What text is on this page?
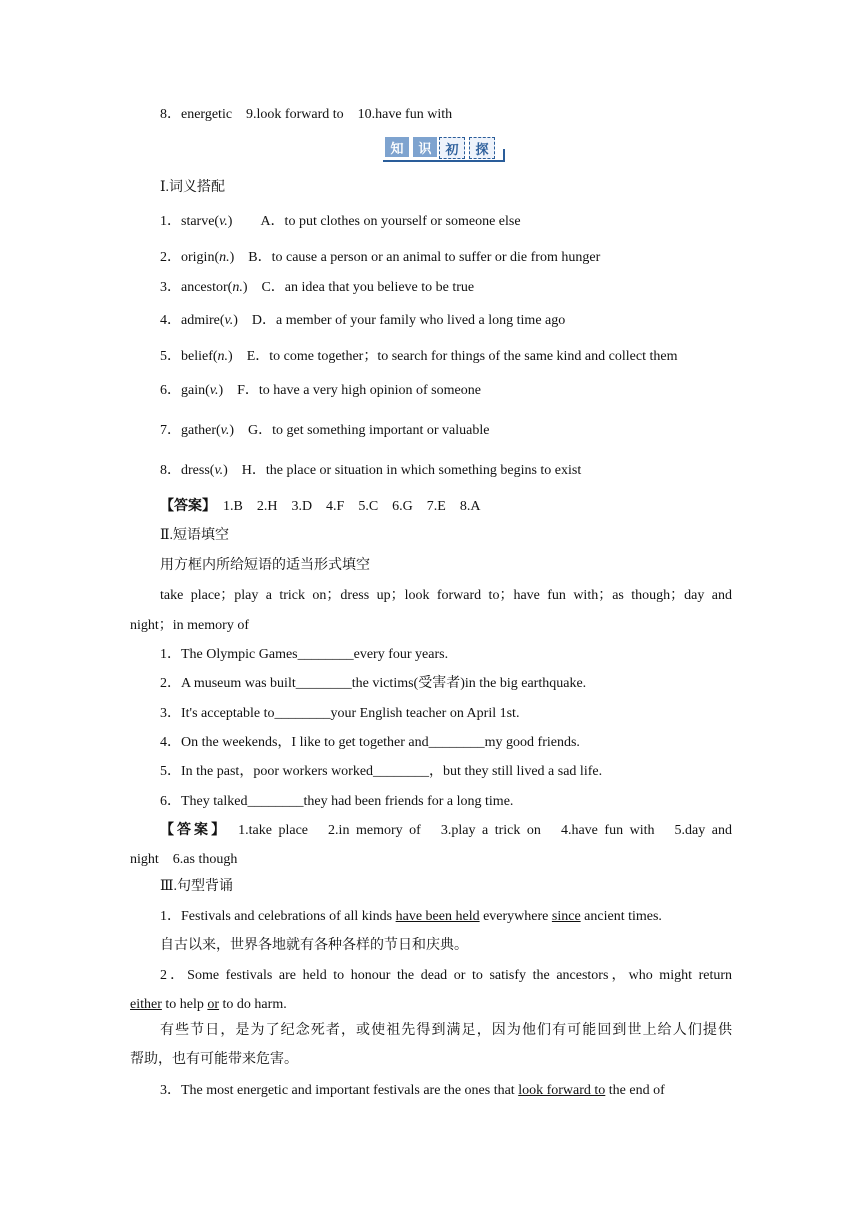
8．energetic　9.look forward to　10.have fun with
知	识	初	探
Ⅰ.词义搭配
1．starve(v.)　　A．to put clothes on yourself or someone else
2．origin(n.)　B．to cause a person or an animal to suffer or die from hunger
3．ancestor(n.)　C．an idea that you believe to be true
4．admire(v.)　D．a member of your family who lived a long time ago
5．belief(n.)　E．to come together；to search for things of the same kind and collect them
6．gain(v.)　F．to have a very high opinion of someone
7．gather(v.)　G．to get something important or valuable
8．dress(v.)　H．the place or situation in which something begins to exist
【答案】　1.B　2.H　3.D　4.F　5.C　6.G　7.E　8.A
Ⅱ.短语填空
用方框内所给短语的适当形式填空
take place；play a trick on；dress up；look forward to；have fun with；as though；day and
night；in memory of
1．The Olympic Games________every four years.
2．A museum was built________the victims(受害者)in the big earthquake.
3．It's acceptable to________your English teacher on April 1st.
4．On the weekends，I like to get together and________my good friends.
5．In the past，poor workers worked________，but they still lived a sad life.
6．They talked________they had been friends for a long time.
【答案】　1.take place　2.in memory of　3.play a trick on　4.have fun with　5.day and
night　6.as though
Ⅲ.句型背诵
1．Festivals and celebrations of all kinds have been held everywhere since ancient times.
自古以来，世界各地就有各种各样的节日和庆典。
2．Some festivals are held to honour the dead or to satisfy the ancestors，who might return
either to help or to do harm.
有些节日，是为了纪念死者，或使祖先得到满足，因为他们有可能回到世上给人们提供
帮助，也有可能带来危害。
3．The most energetic and important festivals are the ones that look forward to the end of
